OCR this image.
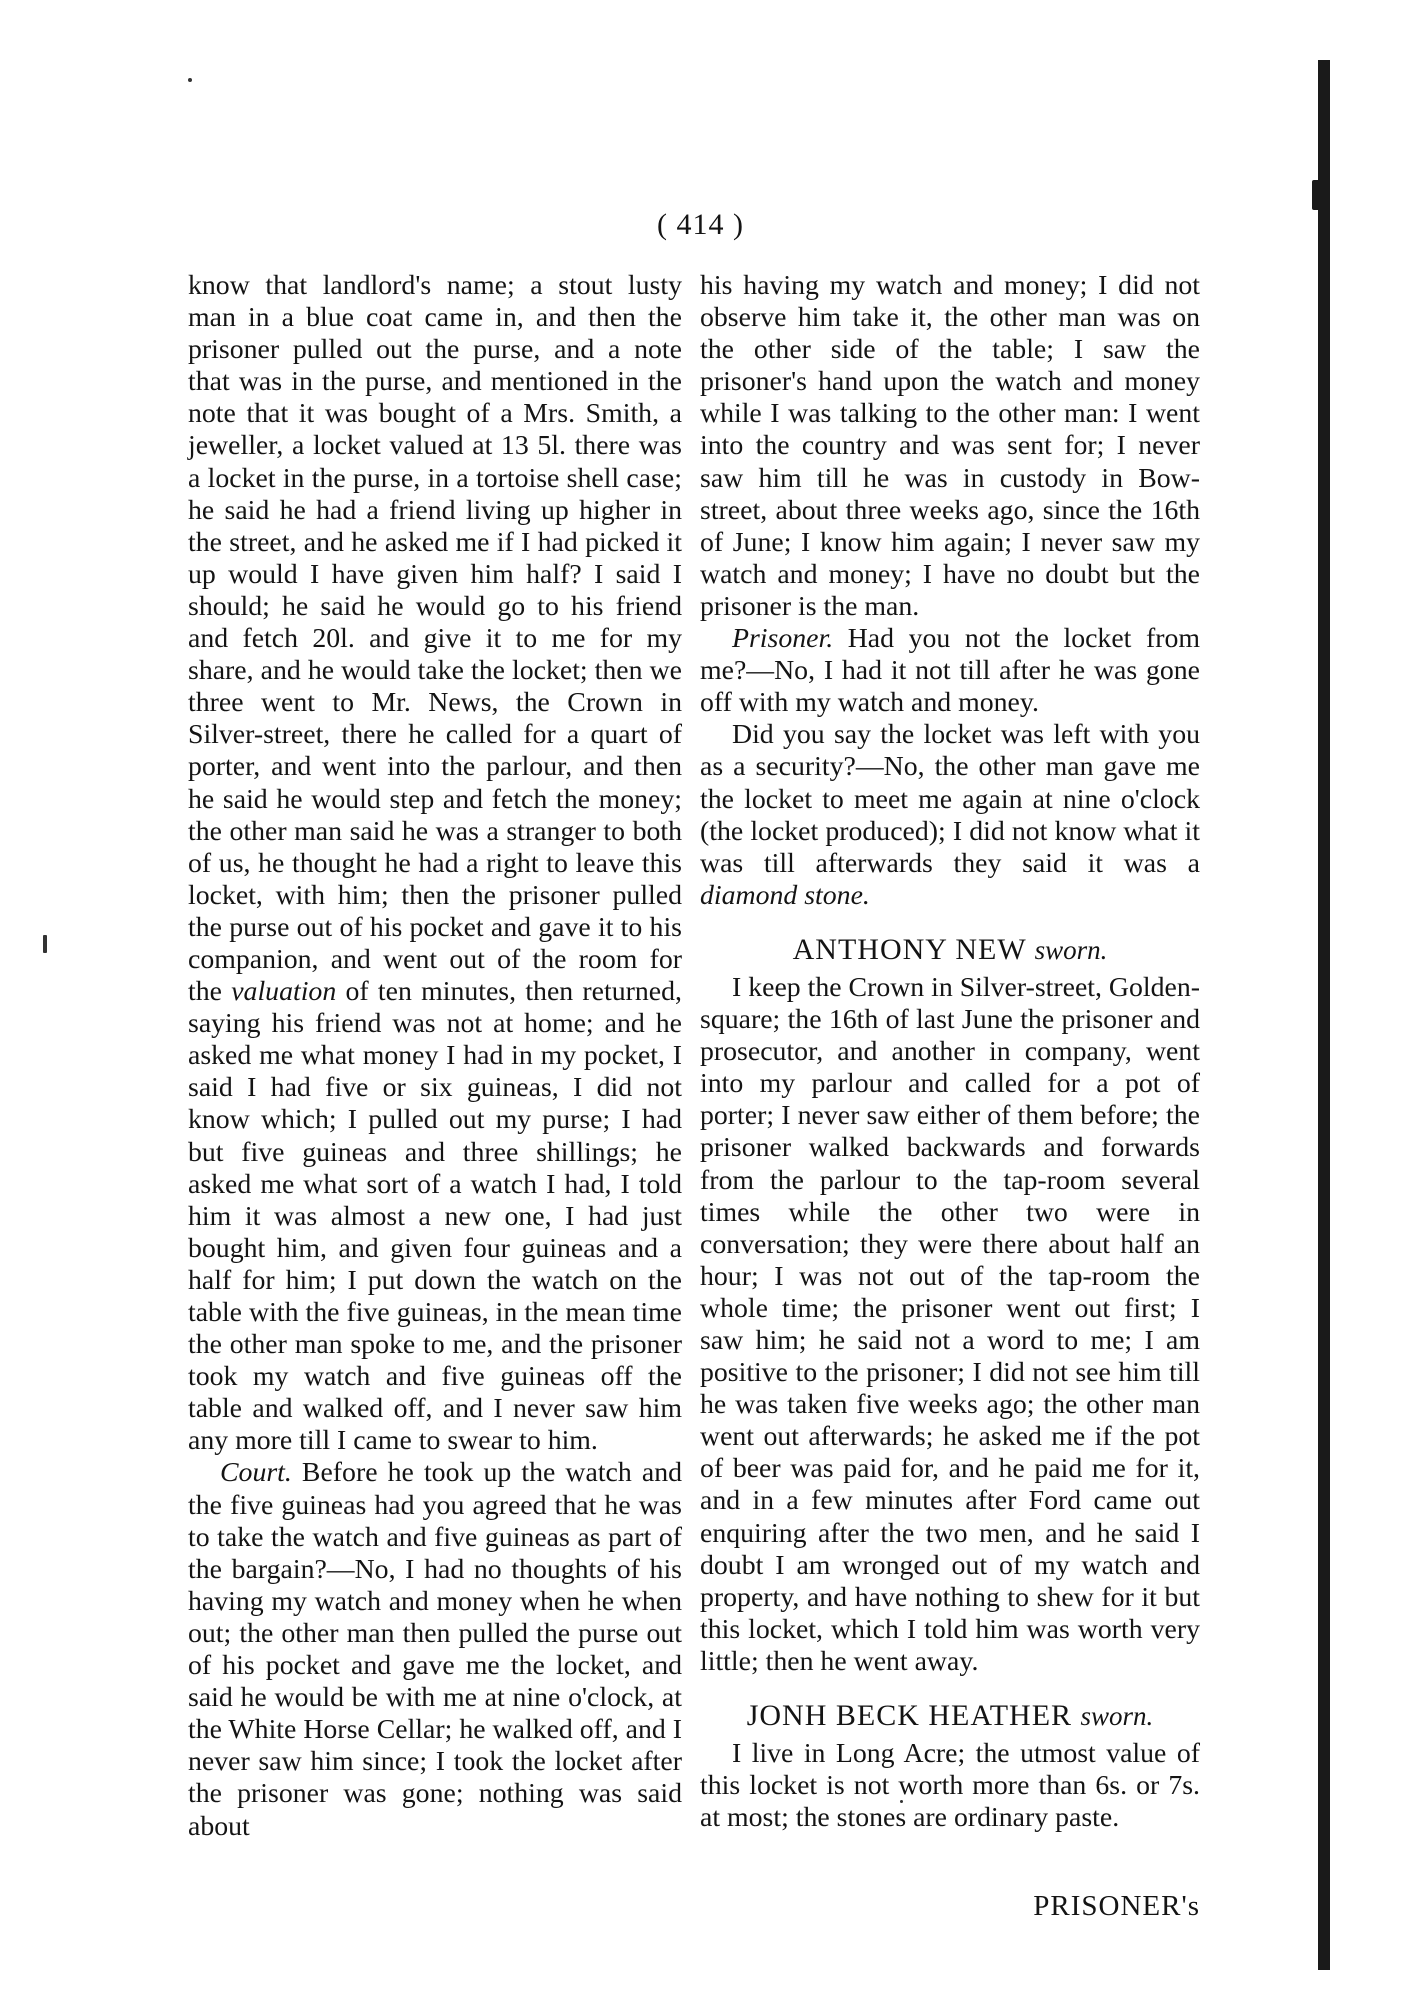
( 414 )

know that landlord's name; a stout lusty man in a blue coat came in, and then the prisoner pulled out the purse, and a note that was in the purse, and mentioned in the note that it was bought of a Mrs. Smith, a jeweller, a locket valued at 13 5l. there was a locket in the purse, in a tortoise shell case; he said he had a friend living up higher in the street, and he asked me if I had picked it up would I have given him half? I said I should; he said he would go to his friend and fetch 20l. and give it to me for my share, and he would take the locket; then we three went to Mr. News, the Crown in Silver-street, there he called for a quart of porter, and went into the parlour, and then he said he would step and fetch the money; the other man said he was a stranger to both of us, he thought he had a right to leave this locket, with him; then the prisoner pulled the purse out of his pocket and gave it to his companion, and went out of the room for the valuation of ten minutes, then returned, saying his friend was not at home; and he asked me what money I had in my pocket, I said I had five or six guineas, I did not know which; I pulled out my purse; I had but five guineas and three shillings; he asked me what sort of a watch I had, I told him it was almost a new one, I had just bought him, and given four guineas and a half for him; I put down the watch on the table with the five guineas, in the mean time the other man spoke to me, and the prisoner took my watch and five guineas off the table and walked off, and I never saw him any more till I came to swear to him.

Court. Before he took up the watch and the five guineas had you agreed that he was to take the watch and five guineas as part of the bargain?—No, I had no thoughts of his having my watch and money when he when out; the other man then pulled the purse out of his pocket and gave me the locket, and said he would be with me at nine o'clock, at the White Horse Cellar; he walked off, and I never saw him since; I took the locket after the prisoner was gone; nothing was said about

his having my watch and money; I did not observe him take it, the other man was on the other side of the table; I saw the prisoner's hand upon the watch and money while I was talking to the other man: I went into the country and was sent for; I never saw him till he was in custody in Bow-street, about three weeks ago, since the 16th of June; I know him again; I never saw my watch and money; I have no doubt but the prisoner is the man.

Prisoner. Had you not the locket from me?—No, I had it not till after he was gone off with my watch and money.

Did you say the locket was left with you as a security?—No, the other man gave me the locket to meet me again at nine o'clock (the locket produced); I did not know what it was till afterwards they said it was a diamond stone.

ANTHONY NEW sworn.

I keep the Crown in Silver-street, Golden-square; the 16th of last June the prisoner and prosecutor, and another in company, went into my parlour and called for a pot of porter; I never saw either of them before; the prisoner walked backwards and forwards from the parlour to the tap-room several times while the other two were in conversation; they were there about half an hour; I was not out of the tap-room the whole time; the prisoner went out first; I saw him; he said not a word to me; I am positive to the prisoner; I did not see him till he was taken five weeks ago; the other man went out afterwards; he asked me if the pot of beer was paid for, and he paid me for it, and in a few minutes after Ford came out enquiring after the two men, and he said I doubt I am wronged out of my watch and property, and have nothing to shew for it but this locket, which I told him was worth very little; then he went away.

JONH BECK HEATHER sworn.

I live in Long Acre; the utmost value of this locket is not worth more than 6s. or 7s. at most; the stones are ordinary paste.

PRISONER's
